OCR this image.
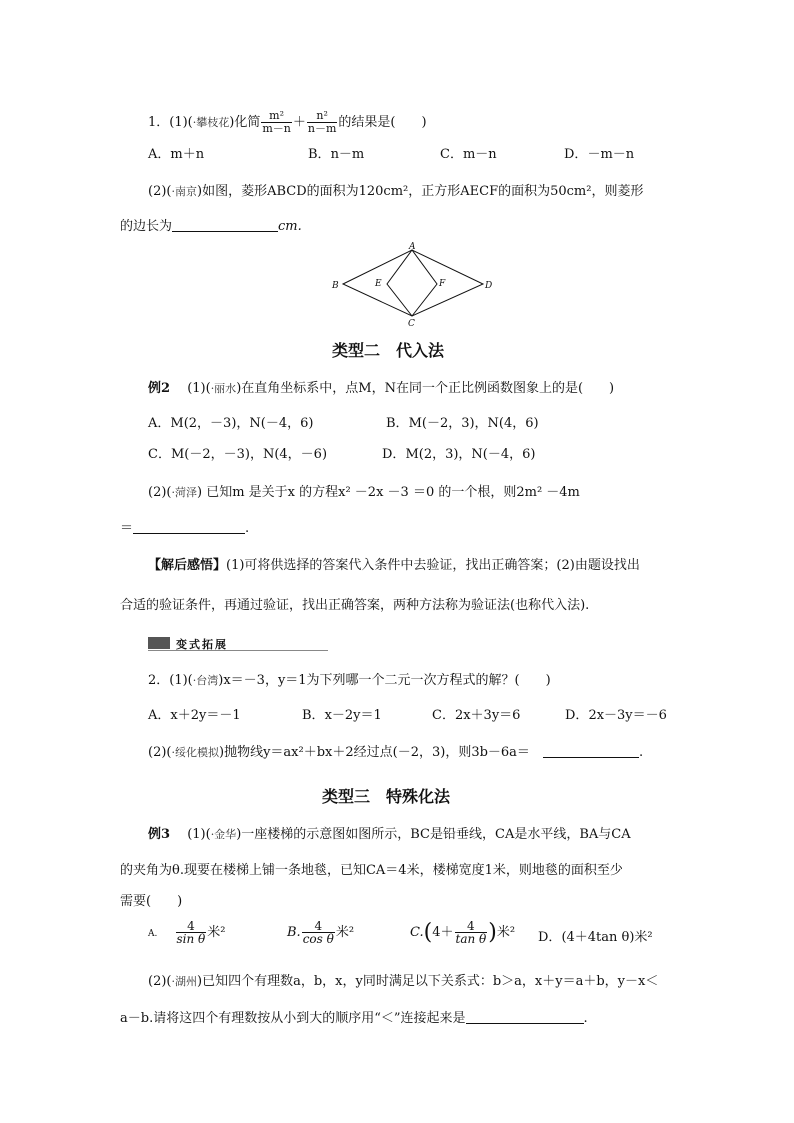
1．(1)(·攀枝花)化简 $\frac{\text{m²}}{m-n} + \frac{\text{n²}}{n-m}$ 的结果是(　　)
A．m＋n	B．n－m	C．m－n	D．－m－n
(2)(·南京)如图，菱形ABCD的面积为120cm²，正方形AECF的面积为50cm²，则菱形
的边长为	cm.
A
B
C
D
E	F
类型二　代入法
例2　 (1)(·丽水)在直角坐标系中，点M，N在同一个正比例函数图象上的是(　　)
A．M(2，－3)，N(－4，6)	B．M(－2，3)，N(4，6)
C．M(－2，－3)，N(4，－6)	D．M(2，3)，N(－4，6)
(2)(·菏泽) 已知m 是关于x 的方程x² －2x －3 ＝0 的一个根，则2m² －4m
＝	.
【解后感悟】(1)可将供选择的答案代入条件中去验证，找出正确答案；(2)由题设找出
合适的验证条件，再通过验证，找出正确答案，两种方法称为验证法(也称代入法).
变式拓展
2．(1)(·台湾)x＝－3，y＝1为下列哪一个二元一次方程式的解？(　　)
A．x＋2y＝－1	B．x－2y＝1	C．2x＋3y＝6	D．2x－3y＝－6
(2)(·绥化模拟)抛物线y＝ax²＋bx＋2经过点(－2，3)，则3b－6a＝　	.
类型三　特殊化法
例3　 (1)(·金华)一座楼梯的示意图如图所示，BC是铅垂线，CA是水平线，BA与CA
的夹角为θ.现要在楼梯上铺一条地毯，已知CA＝4米，楼梯宽度1米，则地毯的面积至少
需要(　　)
A. $\frac{4}{\text{sin θ}}$ 米²	B. $\frac{4}{\text{cos θ}}$ 米²	$C.(4+ \frac{4}{\text{tan θ}}$ )米² D．(4＋4tan θ)米²
(2)(·湖州)已知四个有理数a，b，x，y同时满足以下关系式：b＞a，x＋y＝a＋b，y－x＜
a－b.请将这四个有理数按从小到大的顺序用“＜”连接起来是	.
